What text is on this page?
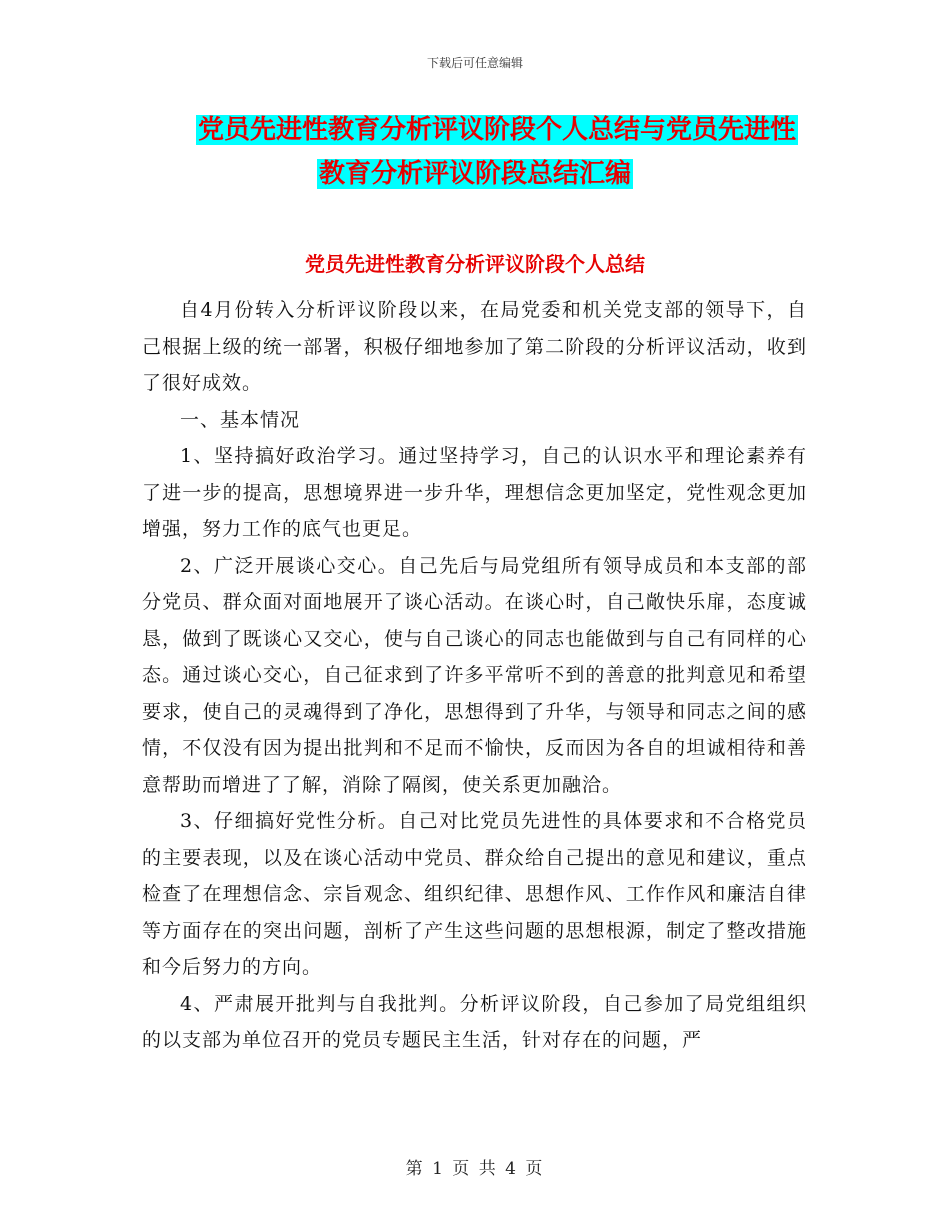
下载后可任意编辑
党员先进性教育分析评议阶段个人总结与党员先进性
教育分析评议阶段总结汇编
党员先进性教育分析评议阶段个人总结

自4月份转入分析评议阶段以来，在局党委和机关党支部的领导下，自己根据上级的统一部署，积极仔细地参加了第二阶段的分析评议活动，收到了很好成效。

一、基本情况

1、坚持搞好政治学习。通过坚持学习，自己的认识水平和理论素养有了进一步的提高，思想境界进一步升华，理想信念更加坚定，党性观念更加增强，努力工作的底气也更足。

2、广泛开展谈心交心。自己先后与局党组所有领导成员和本支部的部分党员、群众面对面地展开了谈心活动。在谈心时，自己敞快乐扉，态度诚恳，做到了既谈心又交心，使与自己谈心的同志也能做到与自己有同样的心态。通过谈心交心，自己征求到了许多平常听不到的善意的批判意见和希望要求，使自己的灵魂得到了净化，思想得到了升华，与领导和同志之间的感情，不仅没有因为提出批判和不足而不愉快，反而因为各自的坦诚相待和善意帮助而增进了了解，消除了隔阂，使关系更加融洽。

3、仔细搞好党性分析。自己对比党员先进性的具体要求和不合格党员的主要表现，以及在谈心活动中党员、群众给自己提出的意见和建议，重点检查了在理想信念、宗旨观念、组织纪律、思想作风、工作作风和廉洁自律等方面存在的突出问题，剖析了产生这些问题的思想根源，制定了整改措施和今后努力的方向。

4、严肃展开批判与自我批判。分析评议阶段，自己参加了局党组组织的以支部为单位召开的党员专题民主生活，针对存在的问题，严

第 1 页 共 4 页
